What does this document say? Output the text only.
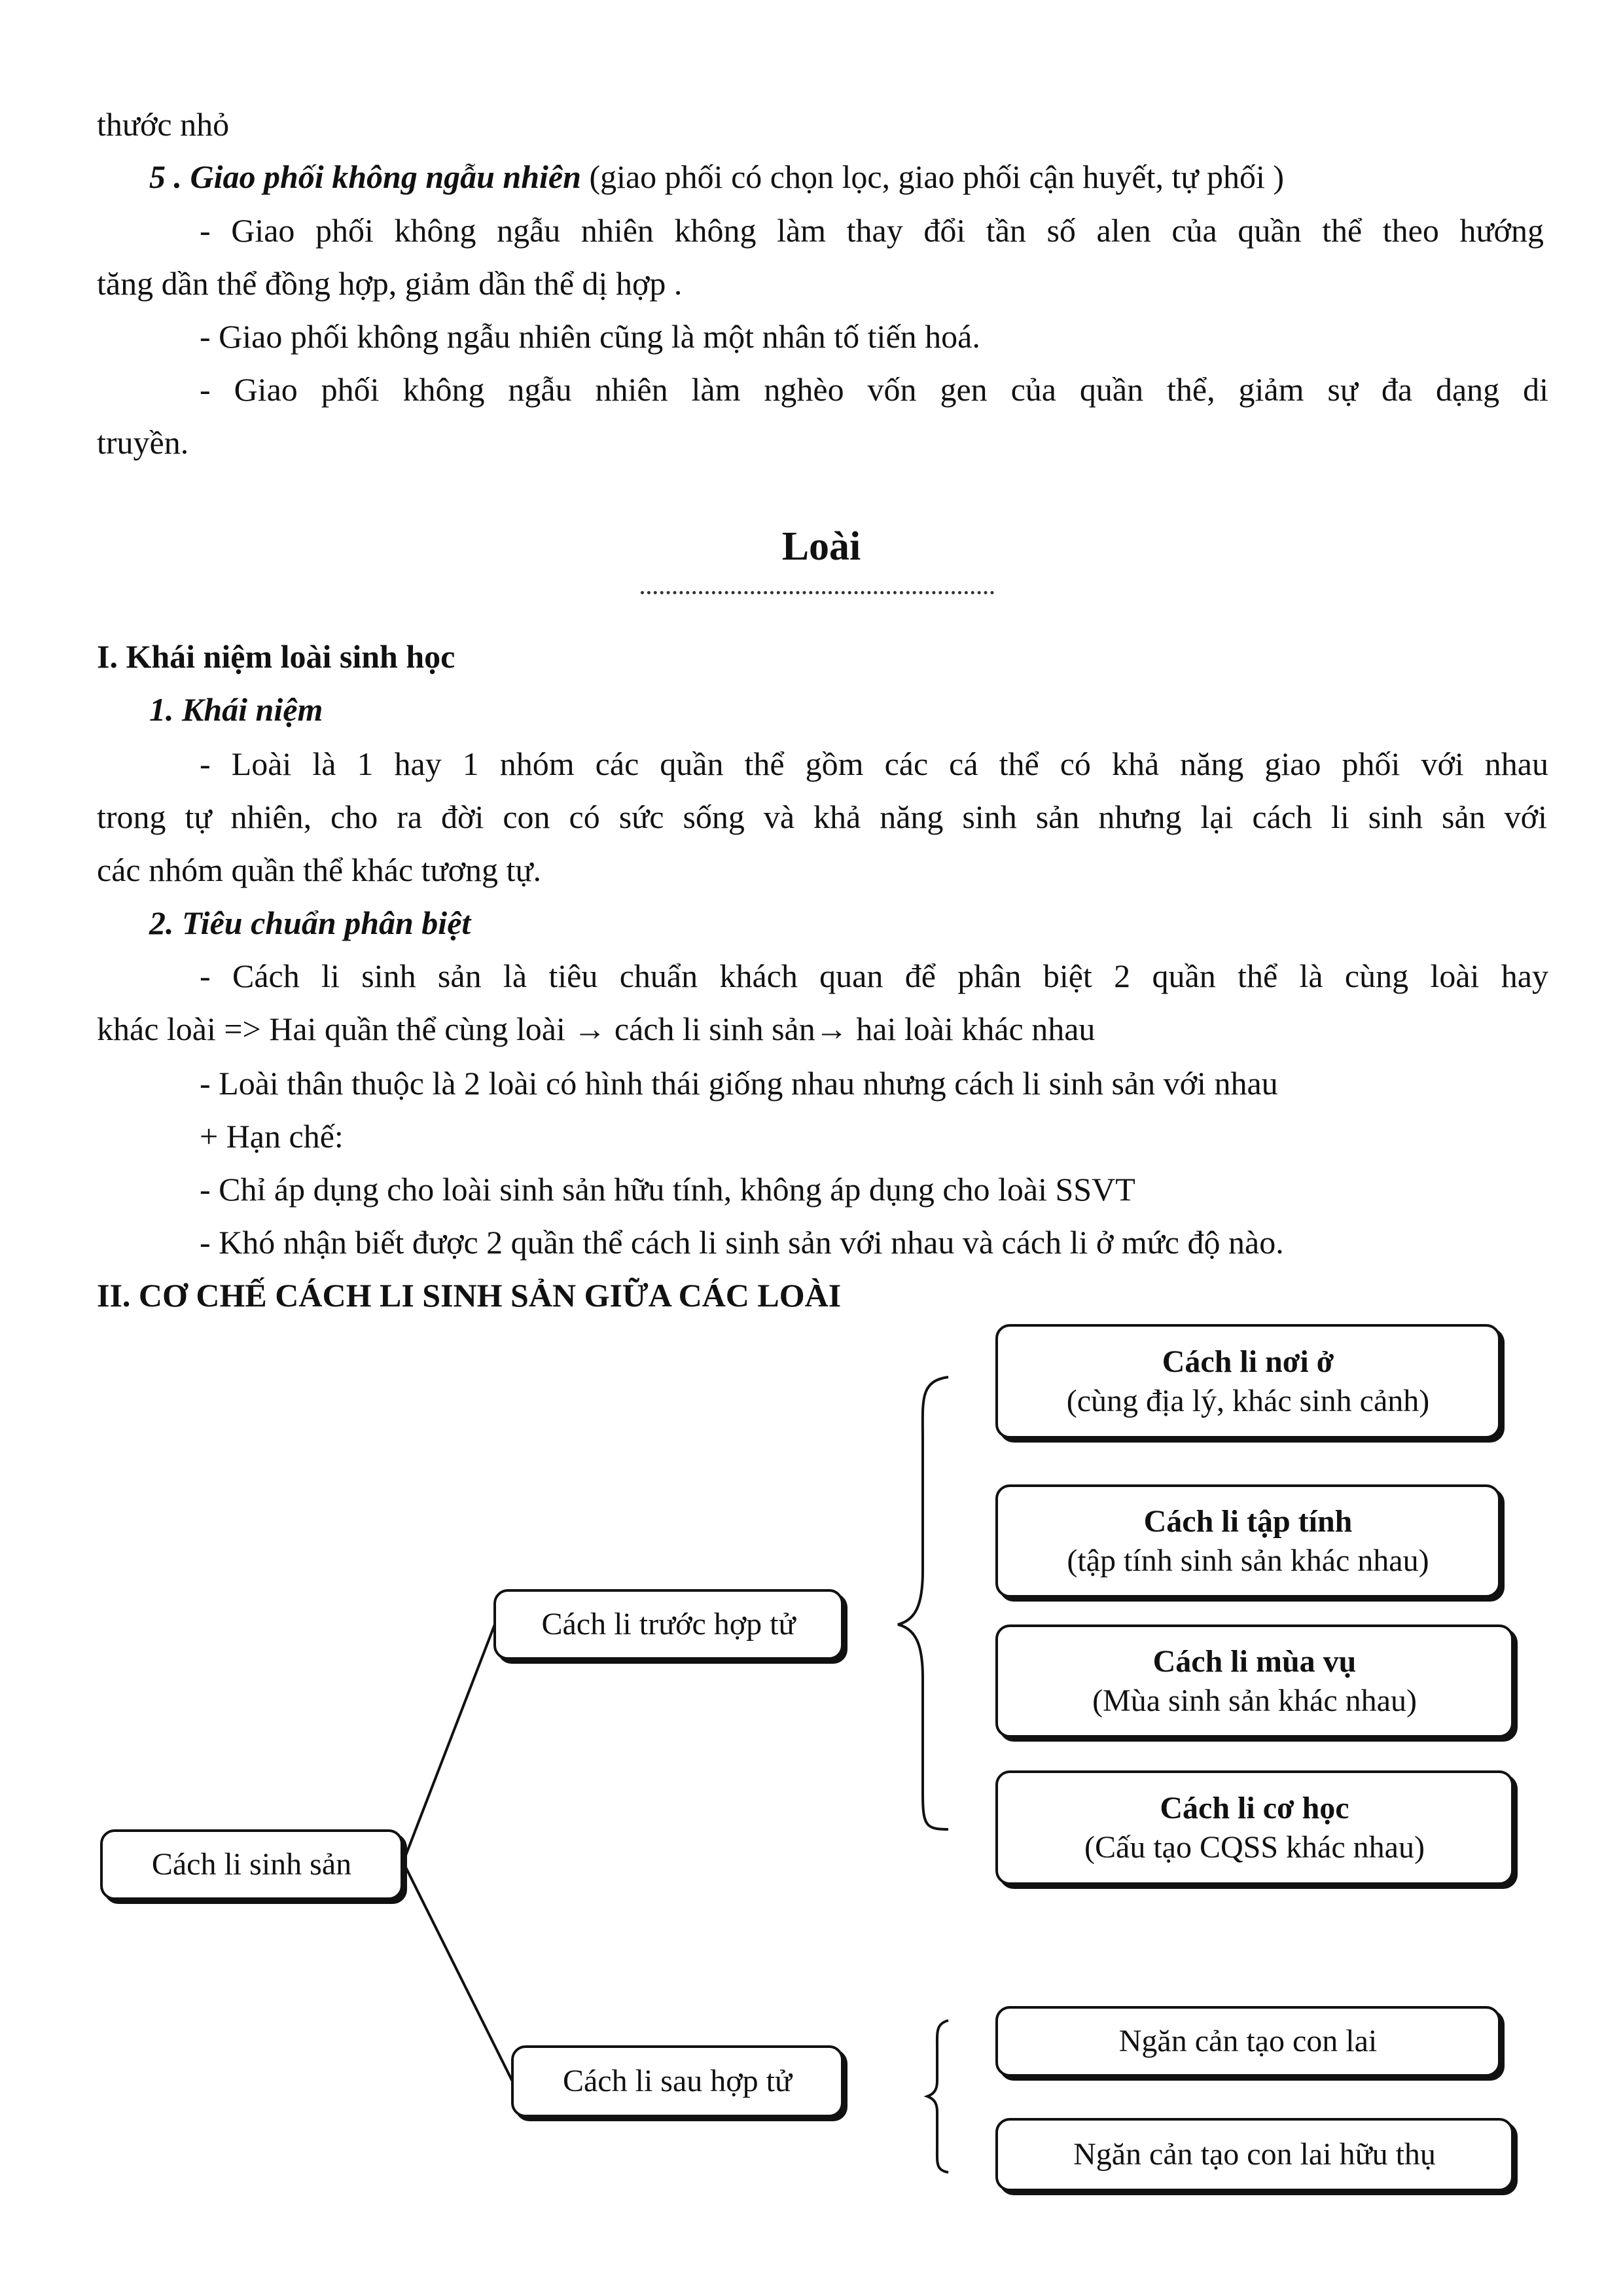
thước nhỏ
5 . Giao phối không ngẫu nhiên (giao phối có chọn lọc, giao phối cận huyết, tự phối )
- Giao phối không ngẫu nhiên không làm thay đổi tần số alen của quần thể theo hướng
tăng dần thể đồng hợp, giảm dần thể dị hợp .
- Giao phối không ngẫu nhiên cũng là một nhân tố tiến hoá.
- Giao phối không ngẫu nhiên làm nghèo vốn gen của quần thể, giảm sự đa dạng di
truyền.
Loài
I. Khái niệm loài sinh học
1. Khái niệm
- Loài là 1 hay 1 nhóm các quần thể gồm các cá thể có khả năng giao phối với nhau
trong tự nhiên, cho ra đời con có sức sống và khả năng sinh sản nhưng lại cách li sinh sản với
các nhóm quần thể khác tương tự.
2. Tiêu chuẩn phân biệt
- Cách li sinh sản là tiêu chuẩn khách quan để phân biệt 2 quần thể là cùng loài hay
khác loài => Hai quần thể cùng loài → cách li sinh sản→ hai loài khác nhau
- Loài thân thuộc là 2 loài có hình thái giống nhau nhưng cách li sinh sản với nhau
+ Hạn chế:
- Chỉ áp dụng cho loài sinh sản hữu tính, không áp dụng cho loài SSVT
- Khó nhận biết được 2 quần thể cách li sinh sản với nhau và cách li ở mức độ nào.
II. CƠ CHẾ CÁCH LI SINH SẢN GIỮA CÁC LOÀI
Cách li sinh sản
Cách li trước hợp tử
Cách li sau hợp tử
Cách li nơi ở
(cùng địa lý, khác sinh cảnh)
Cách li tập tính
(tập tính sinh sản khác nhau)
Cách li mùa vụ
(Mùa sinh sản khác nhau)
Cách li cơ học
(Cấu tạo CQSS khác nhau)
Ngăn cản tạo con lai
Ngăn cản tạo con lai hữu thụ
